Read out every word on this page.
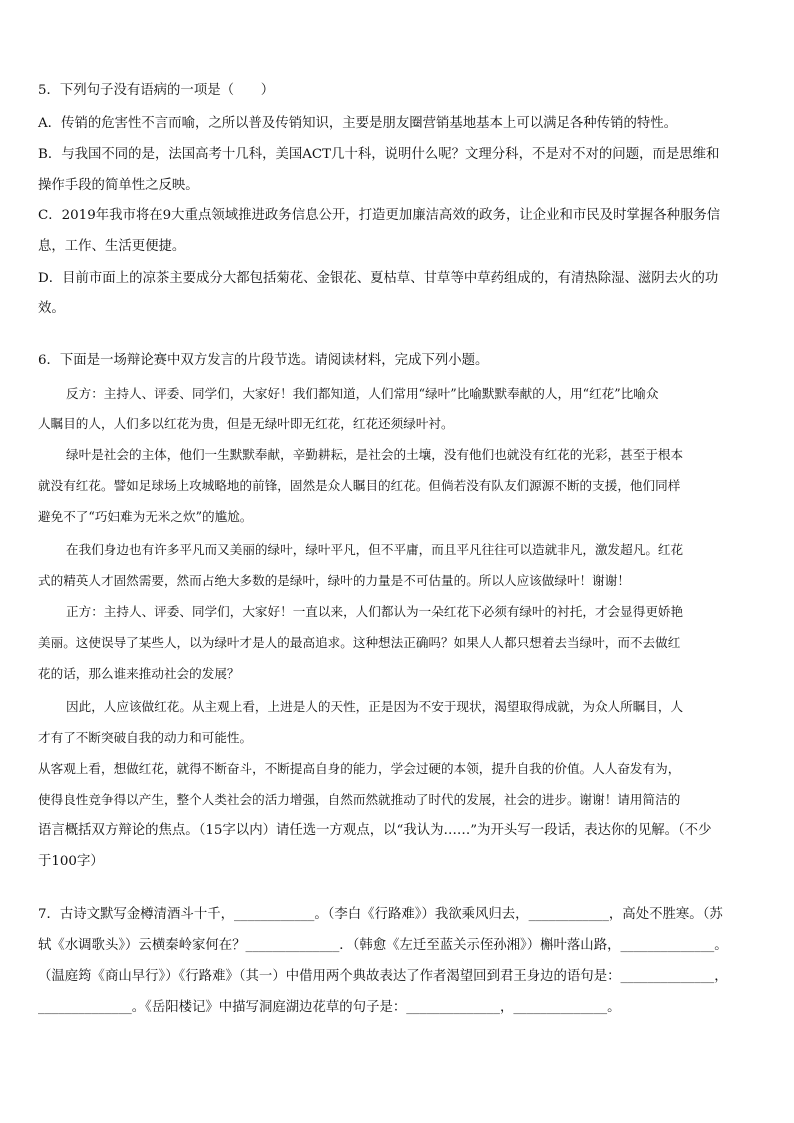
5．下列句子没有语病的一项是（　　）
A．传销的危害性不言而喻，之所以普及传销知识，主要是朋友圈营销基地基本上可以满足各种传销的特性。
B．与我国不同的是，法国高考十几科，美国ACT几十科，说明什么呢？文理分科，不是对不对的问题，而是思维和
操作手段的简单性之反映。
C．2019年我市将在9大重点领域推进政务信息公开，打造更加廉洁高效的政务，让企业和市民及时掌握各种服务信
息，工作、生活更便捷。
D．目前市面上的凉茶主要成分大都包括菊花、金银花、夏枯草、甘草等中草药组成的，有清热除湿、滋阴去火的功
效。
6．下面是一场辩论赛中双方发言的片段节选。请阅读材料，完成下列小题。
反方：主持人、评委、同学们，大家好！我们都知道，人们常用“绿叶”比喻默默奉献的人，用“红花”比喻众
人瞩目的人，人们多以红花为贵，但是无绿叶即无红花，红花还须绿叶衬。
绿叶是社会的主体，他们一生默默奉献，辛勤耕耘，是社会的土壤，没有他们也就没有红花的光彩，甚至于根本
就没有红花。譬如足球场上攻城略地的前锋，固然是众人瞩目的红花。但倘若没有队友们源源不断的支援，他们同样
避免不了“巧妇难为无米之炊”的尴尬。
在我们身边也有许多平凡而又美丽的绿叶，绿叶平凡，但不平庸，而且平凡往往可以造就非凡，激发超凡。红花
式的精英人才固然需要，然而占绝大多数的是绿叶，绿叶的力量是不可估量的。所以人应该做绿叶！谢谢！
正方：主持人、评委、同学们，大家好！一直以来，人们都认为一朵红花下必须有绿叶的衬托，才会显得更娇艳
美丽。这使误导了某些人，以为绿叶才是人的最高追求。这种想法正确吗？如果人人都只想着去当绿叶，而不去做红
花的话，那么谁来推动社会的发展？
因此，人应该做红花。从主观上看，上进是人的天性，正是因为不安于现状，渴望取得成就，为众人所瞩目，人
才有了不断突破自我的动力和可能性。
从客观上看，想做红花，就得不断奋斗，不断提高自身的能力，学会过硬的本领，提升自我的价值。人人奋发有为，
使得良性竞争得以产生，整个人类社会的活力增强，自然而然就推动了时代的发展，社会的进步。谢谢！请用简洁的
语言概括双方辩论的焦点。（15字以内）请任选一方观点，以“我认为……”为开头写一段话，表达你的见解。（不少
于100字）
7．古诗文默写金樽清酒斗十千，____________。（李白《行路难》）我欲乘风归去，____________，高处不胜寒。（苏
轼《水调歌头》）云横秦岭家何在？______________．（韩愈《左迁至蓝关示侄孙湘》）槲叶落山路，______________。
（温庭筠《商山早行》）《行路难》（其一）中借用两个典故表达了作者渴望回到君王身边的语句是：______________，
______________。《岳阳楼记》中描写洞庭湖边花草的句子是：______________，______________。
